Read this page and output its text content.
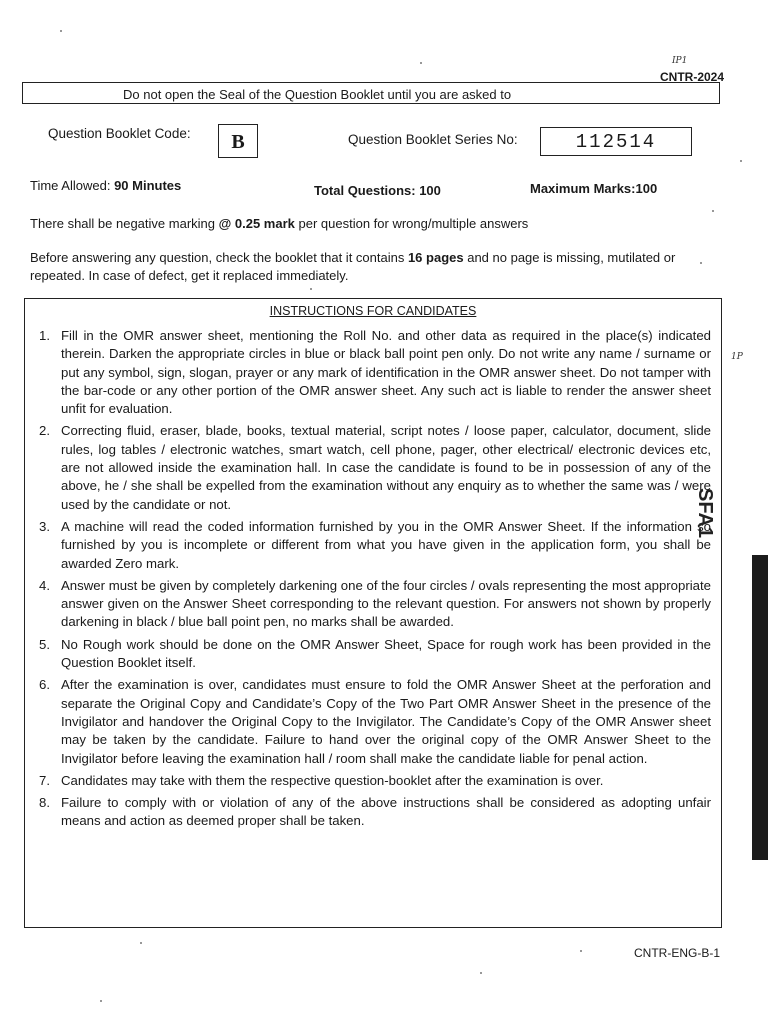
IP1
CNTR-2024
Do not open the Seal of the Question Booklet until you are asked to
Question Booklet Code:	B	Question Booklet Series No:	112514
Time Allowed: 90 Minutes	Total Questions: 100	Maximum Marks:100
There shall be negative marking @ 0.25 mark per question for wrong/multiple answers
Before answering any question, check the booklet that it contains 16 pages and no page is missing, mutilated or repeated. In case of defect, get it replaced immediately.
INSTRUCTIONS FOR CANDIDATES
1. Fill in the OMR answer sheet, mentioning the Roll No. and other data as required in the place(s) indicated therein. Darken the appropriate circles in blue or black ball point pen only. Do not write any name / surname or put any symbol, sign, slogan, prayer or any mark of identification in the OMR answer sheet. Do not tamper with the bar-code or any other portion of the OMR answer sheet. Any such act is liable to render the answer sheet unfit for evaluation.
2. Correcting fluid, eraser, blade, books, textual material, script notes / loose paper, calculator, document, slide rules, log tables / electronic watches, smart watch, cell phone, pager, other electrical/ electronic devices etc, are not allowed inside the examination hall. In case the candidate is found to be in possession of any of the above, he / she shall be expelled from the examination without any enquiry as to whether the same was / were used by the candidate or not.
3. A machine will read the coded information furnished by you in the OMR Answer Sheet. If the information so furnished by you is incomplete or different from what you have given in the application form, you shall be awarded Zero mark.
4. Answer must be given by completely darkening one of the four circles / ovals representing the most appropriate answer given on the Answer Sheet corresponding to the relevant question. For answers not shown by properly darkening in black / blue ball point pen, no marks shall be awarded.
5. No Rough work should be done on the OMR Answer Sheet, Space for rough work has been provided in the Question Booklet itself.
6. After the examination is over, candidates must ensure to fold the OMR Answer Sheet at the perforation and separate the Original Copy and Candidate’s Copy of the Two Part OMR Answer Sheet in the presence of the Invigilator and handover the Original Copy to the Invigilator. The Candidate’s Copy of the OMR Answer sheet may be taken by the candidate. Failure to hand over the original copy of the OMR Answer Sheet to the Invigilator before leaving the examination hall / room shall make the candidate liable for penal action.
7. Candidates may take with them the respective question-booklet after the examination is over.
8. Failure to comply with or violation of any of the above instructions shall be considered as adopting unfair means and action as deemed proper shall be taken.
1P
SFA1
CNTR-ENG-B-1
